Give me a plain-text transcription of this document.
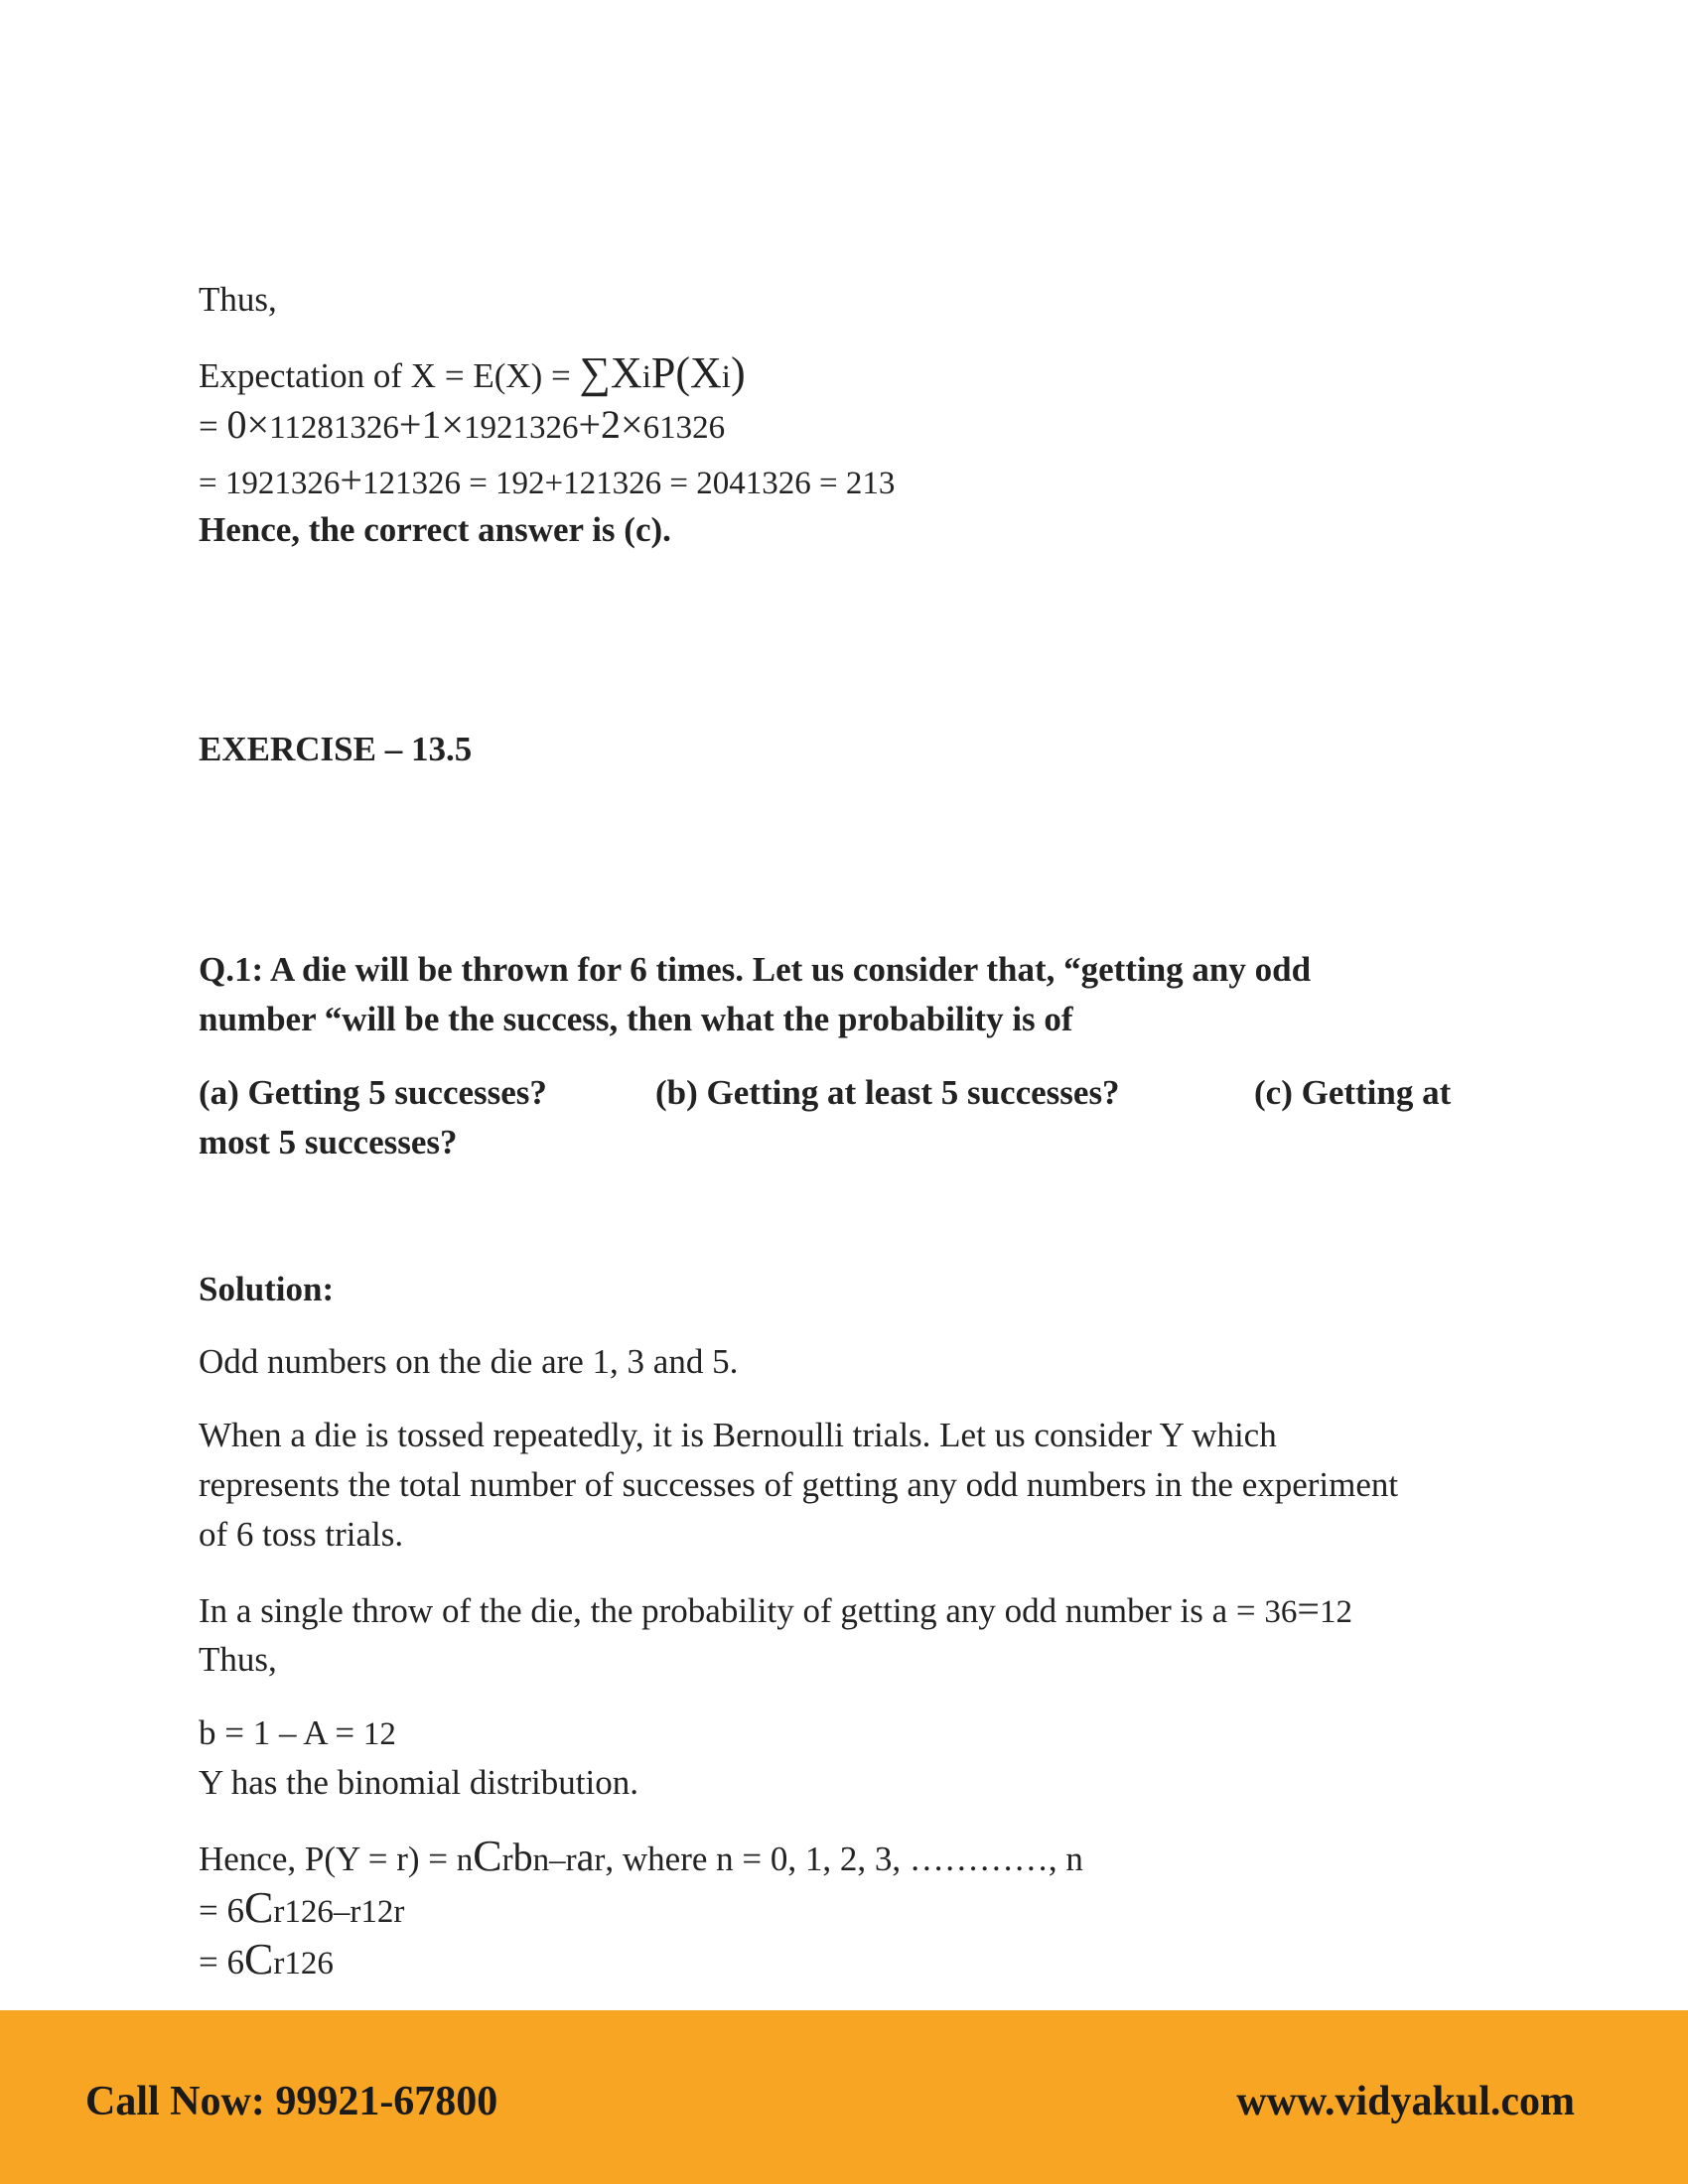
Thus,

Expectation of X = E(X) = ∑XiP(Xi)

= 0×11281326+1×1921326+2×61326

= 1921326+121326 = 192+121326 = 2041326 = 213

Hence, the correct answer is (c).

EXERCISE – 13.5

Q.1: A die will be thrown for 6 times. Let us consider that, “getting any odd

number “will be the success, then what the probability is of

(a) Getting 5 successes?	(b) Getting at least 5 successes?	(c) Getting at

most 5 successes?

Solution:

Odd numbers on the die are 1, 3 and 5.

When a die is tossed repeatedly, it is Bernoulli trials. Let us consider Y which

represents the total number of successes of getting any odd numbers in the experiment

of 6 toss trials.

In a single throw of the die, the probability of getting any odd number is a = 36=12

Thus,

b = 1 – A = 12

Y has the binomial distribution.

Hence, P(Y = r) = nCrbn–rar, where n = 0, 1, 2, 3, …………, n

= 6Cr126–r12r

= 6Cr126

Call Now: 99921-67800	www.vidyakul.com
